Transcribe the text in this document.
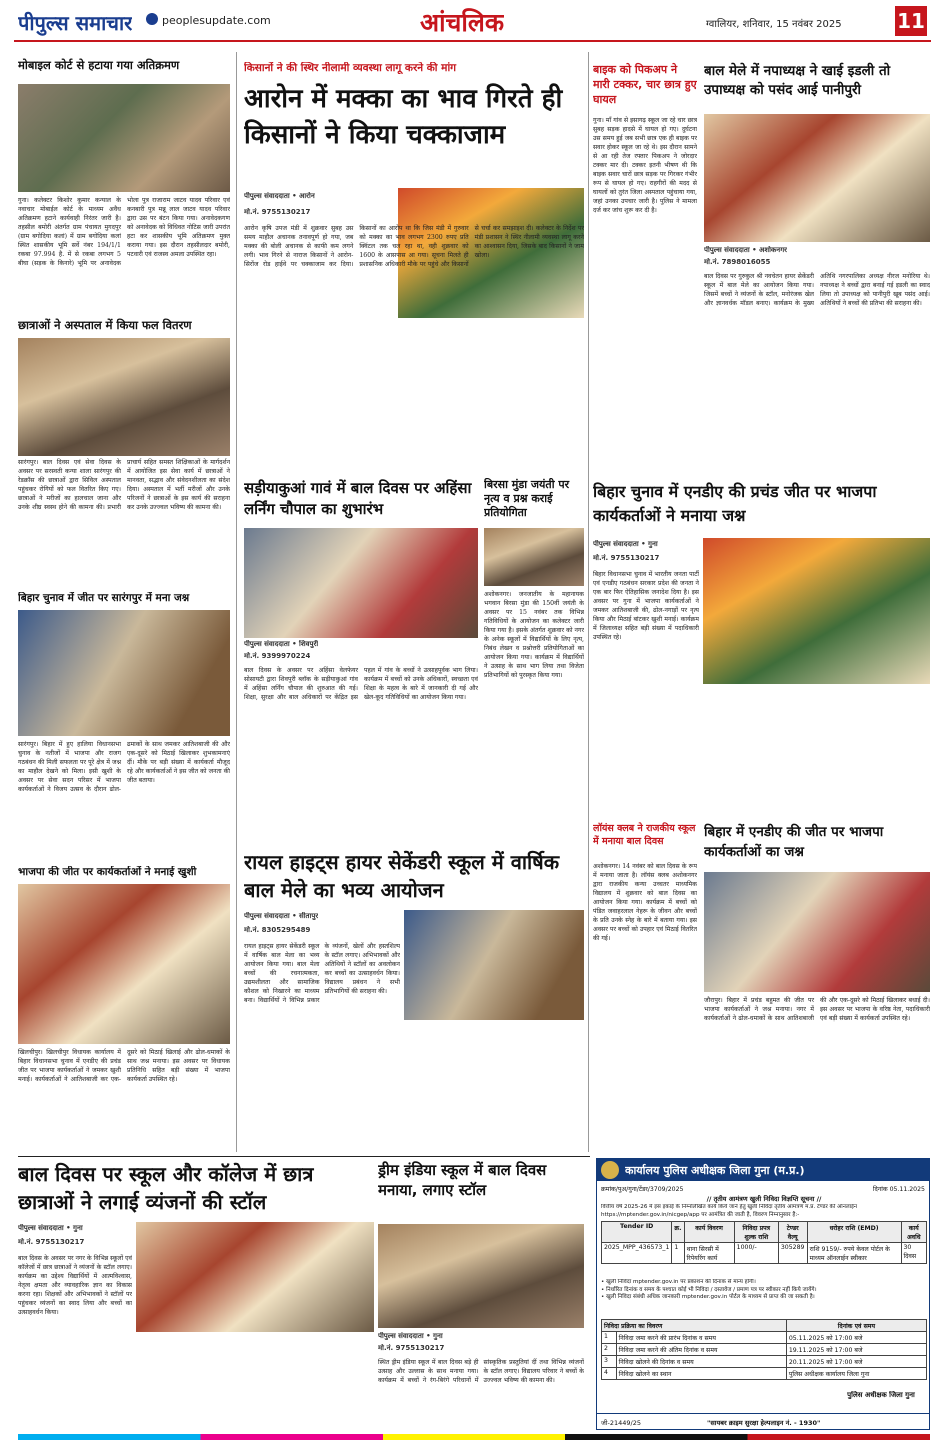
पीपुल्स समाचार	peoplesupdate.com	आंचलिक	ग्वालियर, शनिवार, 15 नवंबर 2025	11
मोबाइल कोर्ट से हटाया गया अतिक्रमण
गुना। कलेक्टर किशोर कुमार कन्याल के नवाचार मोबाईल कोर्ट के माध्यम अवैध अतिक्रमण हटाने कार्यवाही निरंतर जारी है। तहसील बमोरी अंतर्गत ग्राम पंचायत मुगदपुर (ग्राम बगोदिया कलां) में ग्राम बगोदिया कलां स्थित शासकीय भूमि सर्वे नंबर 194/1/1 रकबा 97.994 है. में से रकबा लगभग 5 बीघा (सड़क के किनारे) भूमि पर अनावेदक भोला पुत्र राजाराम जाटव यादव परिवार एवं कनबारी पुत्र मन्नू लाल जाटव यादव परिवार द्वारा उस पर बंटन किया गया। अनावेदकगण को अनावेदक को विधिवत नोटिस जारी उपरांत हटा कर शासकीय भूमि अतिक्रमण मुक्त कराया गया। इस दौरान तहसीलदार बमोरी, पटवारी एवं राजस्व अमला उपस्थित रहा।
छात्राओं ने अस्पताल में किया फल वितरण
सारंगपुर। बाल दिवस एवं सेवा दिवस के अवसर पर सरस्वती कन्या शाला सारंगपुर की रेडक्रॉस की छात्राओं द्वारा सिविल अस्पताल पहुंचकर रोगियों को फल वितरित किए गए। छात्राओं ने मरीजों का हालचाल जाना और उनके शीघ्र स्वस्थ होने की कामना की। प्रभारी प्राचार्य सहित समस्त शिक्षिकाओं के मार्गदर्शन में आयोजित इस सेवा कार्य में छात्राओं ने मानवता, सद्भाव और संवेदनशीलता का संदेश दिया। अस्पताल में भर्ती मरीजों और उनके परिजनों ने छात्राओं के इस कार्य की सराहना कर उनके उज्ज्वल भविष्य की कामना की।
बिहार चुनाव में जीत पर सारंगपुर में मना जश्न
सारंगपुर। बिहार में हुए हालिया विधानसभा चुनाव के नतीजों में भाजपा और राजग गठबंधन की मिली सफलता पर पूरे क्षेत्र में जश्न का माहौल देखने को मिला। इसी खुशी के अवसर पर सेवा सदन परिसर में भाजपा कार्यकर्ताओं ने विजय उत्सव के दौरान ढोल-ढमाकों के साथ जमकर आतिशबाजी की और एक-दूसरे को मिठाई खिलाकर शुभकामनाएं दीं। मौके पर बड़ी संख्या में कार्यकर्ता मौजूद रहे और कार्यकर्ताओं ने इस जीत को जनता की जीत बताया।
भाजपा की जीत पर कार्यकर्ताओं ने मनाई खुशी
खिलचीपुर। खिलचीपुर विधायक कार्यालय में बिहार विधानसभा चुनाव में एनडीए की प्रचंड जीत पर भाजपा कार्यकर्ताओं ने जमकर खुशी मनाई। कार्यकर्ताओं ने आतिशबाजी कर एक-दूसरे को मिठाई खिलाई और ढोल-धमाकों के साथ जश्न मनाया। इस अवसर पर विधायक प्रतिनिधि सहित बड़ी संख्या में भाजपा कार्यकर्ता उपस्थित रहे।
किसानों ने की स्थिर नीलामी व्यवस्था लागू करने की मांग
आरोन में मक्का का भाव गिरते ही किसानों ने किया चक्काजाम
पीपुल्स संवाददाता • आरोन
मो.नं. 9755130217
आरोन कृषि उपज मंडी में शुक्रवार सुबह उस समय माहौल अचानक तनावपूर्ण हो गया, जब मक्का की बोली अचानक से काफी कम लगने लगी। भाव गिरने से नाराज किसानों ने आरोन-सिरोंज रोड हाईवे पर चक्काजाम कर दिया। किसानों का आरोप था कि जिस मंडी में गुरुवार को मक्का का भाव लगभग 2300 रुपए प्रति क्विंटल तक चल रहा था, वही शुक्रवार को 1600 के आसपास आ गया। सूचना मिलते ही प्रशासनिक अधिकारी मौके पर पहुंचे और किसानों से चर्चा कर समझाइश दी। कलेक्टर के निर्देश पर मंडी प्रशासन ने स्थिर नीलामी व्यवस्था लागू करने का आश्वासन दिया, जिसके बाद किसानों ने जाम खोला।
सड़ीयाकुआं गावं में बाल दिवस पर अहिंसा लर्निंग चौपाल का शुभारंभ
पीपुल्स संवाददाता • शिवपुरी
मो.नं. 9399970224
बाल दिवस के अवसर पर अहिंसा वेलफेयर सोसायटी द्वारा शिवपुरी ब्लॉक के सड़ीयाकुआं गांव में अहिंसा लर्निंग चौपाल की शुरुआत की गई। शिक्षा, सुरक्षा और बाल अधिकारों पर केंद्रित इस पहल में गांव के बच्चों ने उत्साहपूर्वक भाग लिया। कार्यक्रम में बच्चों को उनके अधिकारों, स्वच्छता एवं शिक्षा के महत्व के बारे में जानकारी दी गई और खेल-कूद गतिविधियों का आयोजन किया गया।
बिरसा मुंडा जयंती पर नृत्य व प्रश्न कराई प्रतियोगिता
अशोकनगर। जनजातीय के महानायक भगवान बिरसा मुंडा की 150वीं जयंती के अवसर पर 15 नवंबर तक विभिन्न गतिविधियों के आयोजन का कलेक्टर जारी किया गया है। इसके अंतर्गत शुक्रवार को नगर के अनेक स्कूलों में विद्यार्थियों के लिए नृत्य, निबंध लेखन व प्रश्नोत्तरी प्रतियोगिताओं का आयोजन किया गया। कार्यक्रम में विद्यार्थियों ने उत्साह के साथ भाग लिया तथा विजेता प्रतिभागियों को पुरस्कृत किया गया।
रायल हाइट्स हायर सेकेंडरी स्कूल में वार्षिक बाल मेले का भव्य आयोजन
पीपुल्स संवाददाता • सीतापुर
मो.नं. 8305295489
रायल हाइट्स हायर सेकेंडरी स्कूल में वार्षिक बाल मेला का भव्य आयोजन किया गया। बाल मेला बच्चों की रचनात्मकता, उद्यमशीलता और सामाजिक कौशल को निखारने का माध्यम बना। विद्यार्थियों ने विभिन्न प्रकार के व्यंजनों, खेलों और हस्तशिल्प के स्टॉल लगाए। अभिभावकों और अतिथियों ने स्टॉलों का अवलोकन कर बच्चों का उत्साहवर्धन किया। विद्यालय प्रबंधन ने सभी प्रतिभागियों की सराहना की।
बाइक को पिकअप ने मारी टक्कर, चार छात्र हुए घायल
गुना। माँ गांव से इसागढ़ स्कूल जा रहे चार छात्र सुबह सड़क हादसे में घायल हो गए। दुर्घटना उस समय हुई जब सभी छात्र एक ही बाइक पर सवार होकर स्कूल जा रहे थे। इस दौरान सामने से आ रही तेज रफ्तार पिकअप ने जोरदार टक्कर मार दी। टक्कर इतनी भीषण थी कि बाइक सवार चारों छात्र सड़क पर गिरकर गंभीर रूप से घायल हो गए। राहगीरों की मदद से घायलों को तुरंत जिला अस्पताल पहुंचाया गया, जहां उनका उपचार जारी है। पुलिस ने मामला दर्ज कर जांच शुरू कर दी है।
बाल मेले में नपाध्यक्ष ने खाई इडली तो उपाध्यक्ष को पसंद आई पानीपुरी
पीपुल्स संवाददाता • अशोकनगर
मो.नं. 7898016055
बाल दिवस पर गुरुकुल श्री नवचेतन हायर सेकेंडरी स्कूल में बाल मेले का आयोजन किया गया। जिसमें बच्चों ने व्यंजनों के स्टॉल, मनोरंजक खेल और ज्ञानवर्धक मॉडल बनाए। कार्यक्रम के मुख्य अतिथि नगरपालिका अध्यक्ष नीरज मनोरिया थे। नपाध्यक्ष ने बच्चों द्वारा बनाई गई इडली का स्वाद लिया तो उपाध्यक्ष को पानीपुरी खूब पसंद आई। अतिथियों ने बच्चों की प्रतिभा की सराहना की।
बिहार चुनाव में एनडीए की प्रचंड जीत पर भाजपा कार्यकर्ताओं ने मनाया जश्न
पीपुल्स संवाददाता • गुना
मो.नं. 9755130217
बिहार विधानसभा चुनाव में भारतीय जनता पार्टी एवं एनडीए गठबंधन सरकार प्रदेश की जनता ने एक बार फिर ऐतिहासिक जनादेश दिया है। इस अवसर पर गुना में भाजपा कार्यकर्ताओं ने जमकर आतिशबाजी की, ढोल-नगाड़ों पर नृत्य किया और मिठाई बांटकर खुशी मनाई। कार्यक्रम में जिलाध्यक्ष सहित बड़ी संख्या में पदाधिकारी उपस्थित रहे।
लॉयंस क्लब ने राजकीय स्कूल में मनाया बाल दिवस
अशोकनगर। 14 नवंबर को बाल दिवस के रूप में मनाया जाता है। लॉयंस क्लब अशोकनगर द्वारा राजकीय कन्या उच्चतर माध्यमिक विद्यालय में शुक्रवार को बाल दिवस का आयोजन किया गया। कार्यक्रम में बच्चों को पंडित जवाहरलाल नेहरू के जीवन और बच्चों के प्रति उनके स्नेह के बारे में बताया गया। इस अवसर पर बच्चों को उपहार एवं मिठाई वितरित की गई।
बिहार में एनडीए की जीत पर भाजपा कार्यकर्ताओं का जश्न
जौरापुर। बिहार में प्रचंड बहुमत की जीत पर भाजपा कार्यकर्ताओं ने जश्न मनाया। नगर में कार्यकर्ताओं ने ढोल-धमाकों के साथ आतिशबाजी की और एक-दूसरे को मिठाई खिलाकर बधाई दी। इस अवसर पर भाजपा के वरिष्ठ नेता, पदाधिकारी एवं बड़ी संख्या में कार्यकर्ता उपस्थित रहे।
बाल दिवस पर स्कूल और कॉलेज में छात्र छात्राओं ने लगाई व्यंजनों की स्टॉल
पीपुल्स संवाददाता • गुना
मो.नं. 9755130217
बाल दिवस के अवसर पर नगर के विभिन्न स्कूलों एवं कॉलेजों में छात्र छात्राओं ने व्यंजनों के स्टॉल लगाए। कार्यक्रम का उद्देश्य विद्यार्थियों में आत्मविश्वास, नेतृत्व क्षमता और व्यावहारिक ज्ञान का विकास करना रहा। शिक्षकों और अभिभावकों ने स्टॉलों पर पहुंचकर व्यंजनों का स्वाद लिया और बच्चों का उत्साहवर्धन किया।
ड्रीम इंडिया स्कूल में बाल दिवस मनाया, लगाए स्टॉल
पीपुल्स संवाददाता • गुना
मो.नं. 9755130217
स्थित ड्रीम इंडिया स्कूल में बाल दिवस बड़े ही उत्साह और उल्लास के साथ मनाया गया। कार्यक्रम में बच्चों ने रंग-बिरंगे परिधानों में सांस्कृतिक प्रस्तुतियां दीं तथा विभिन्न व्यंजनों के स्टॉल लगाए। विद्यालय परिवार ने बच्चों के उज्ज्वल भविष्य की कामना की।
कार्यालय पुलिस अधीक्षक जिला गुना (म.प्र.)
क्रमांक/पुअ/गुना/टेंडर/3709/2025	दिनांक 05.11.2025
// तृतीय आमंत्रण खुली निविदा विज्ञप्ति सूचना //
वित्तीय वर्ष 2025-26 में इस इकाई के निम्नलिखित कार्य किये जाने हेतु खुली निविदा तृतीय आमंत्रण म.प्र. टेण्डर की ऑनलाईन https://mptender.gov.in/nicgep/app पर आमंत्रित की जाती है, विवरण निम्नानुसार है:-
Tender ID	क्र.	कार्य विवरण	निविदा प्रपत्र शुल्क राशि	टेण्डर वैल्यू	धरोहर राशि (EMD)	कार्य अवधि
2025_MPP_436573_1	1	थाना सिरसी में रिपेयरिंग कार्य	1000/-	305289	राशि 9159/- रुपये केवल पोर्टल के माध्यम ऑनलाईन स्वीकार	30 दिवस
• खुली निविदा mptender.gov.in पर प्रकाशन की दिनांक से मान्य होगी।
• निर्धारित दिनांक व समय के पश्चात कोई भी निविदा / दस्तावेज / प्रमाण पत्र पर स्वीकार नहीं किये जायेंगे।
• खुली निविदा संबंधी अधिक जानकारी mptender.gov.in पोर्टल के माध्यम से प्राप्त की जा सकती है।
निविदा प्रक्रिया का विवरण		दिनांक एवं समय
1	निविदा जमा करने की प्रारंभ दिनांक व समय	05.11.2025 को 17:00 बजे
2	निविदा जमा करने की अंतिम दिनांक व समय	19.11.2025 को 17:00 बजे
3	निविदा खोलने की दिनांक व समय	20.11.2025 को 17:00 बजे
4	निविदा खोलने का स्थान	पुलिस अधीक्षक कार्यालय जिला गुना
पुलिस अधीक्षक जिला गुना
जी-21449/25	"सायबर क्राइम सुरक्षा हेल्पलाइन नं. - 1930"
